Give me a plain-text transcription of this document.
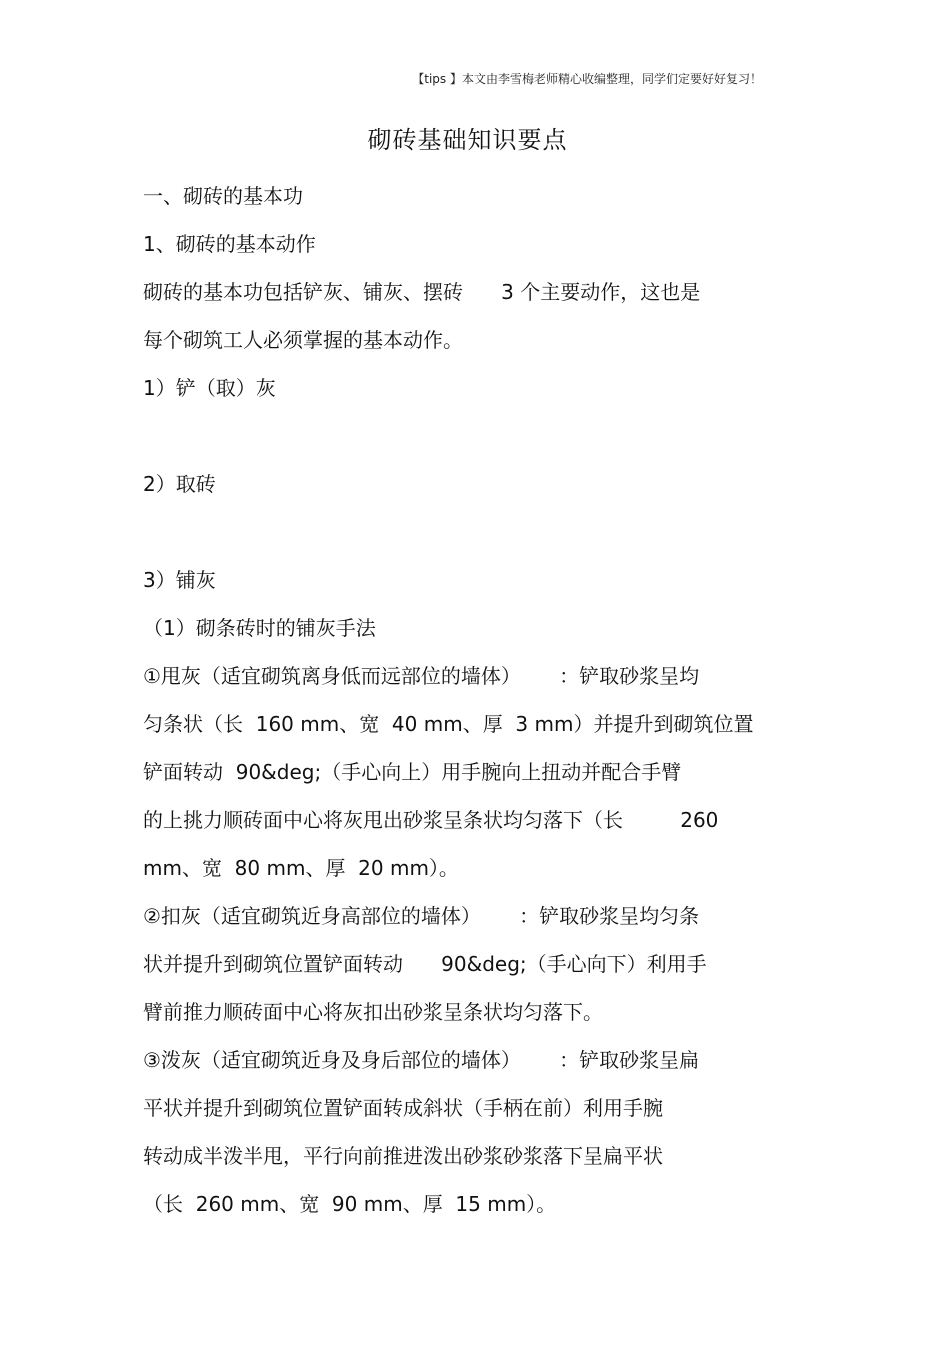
【tips 】本文由李雪梅老师精心收编整理，同学们定要好好复习！
砌砖基础知识要点
一、砌砖的基本功
1、砌砖的基本动作
砌砖的基本功包括铲灰、铺灰、摆砖      3 个主要动作，这也是
每个砌筑工人必须掌握的基本动作。
1）铲（取）灰
2）取砖
3）铺灰
（1）砌条砖时的铺灰手法
①甩灰（适宜砌筑离身低而远部位的墙体）      ：铲取砂浆呈均
匀条状（长  160 mm、宽  40 mm、厚  3 mm）并提升到砌筑位置
铲面转动  90&deg;（手心向上）用手腕向上扭动并配合手臂
的上挑力顺砖面中心将灰甩出砂浆呈条状均匀落下（长         260
mm、宽  80 mm、厚  20 mm）。
②扣灰（适宜砌筑近身高部位的墙体）      ：铲取砂浆呈均匀条
状并提升到砌筑位置铲面转动      90&deg;（手心向下）利用手
臂前推力顺砖面中心将灰扣出砂浆呈条状均匀落下。
③泼灰（适宜砌筑近身及身后部位的墙体）      ：铲取砂浆呈扁
平状并提升到砌筑位置铲面转成斜状（手柄在前）利用手腕
转动成半泼半甩，平行向前推进泼出砂浆砂浆落下呈扁平状
（长  260 mm、宽  90 mm、厚  15 mm）。
